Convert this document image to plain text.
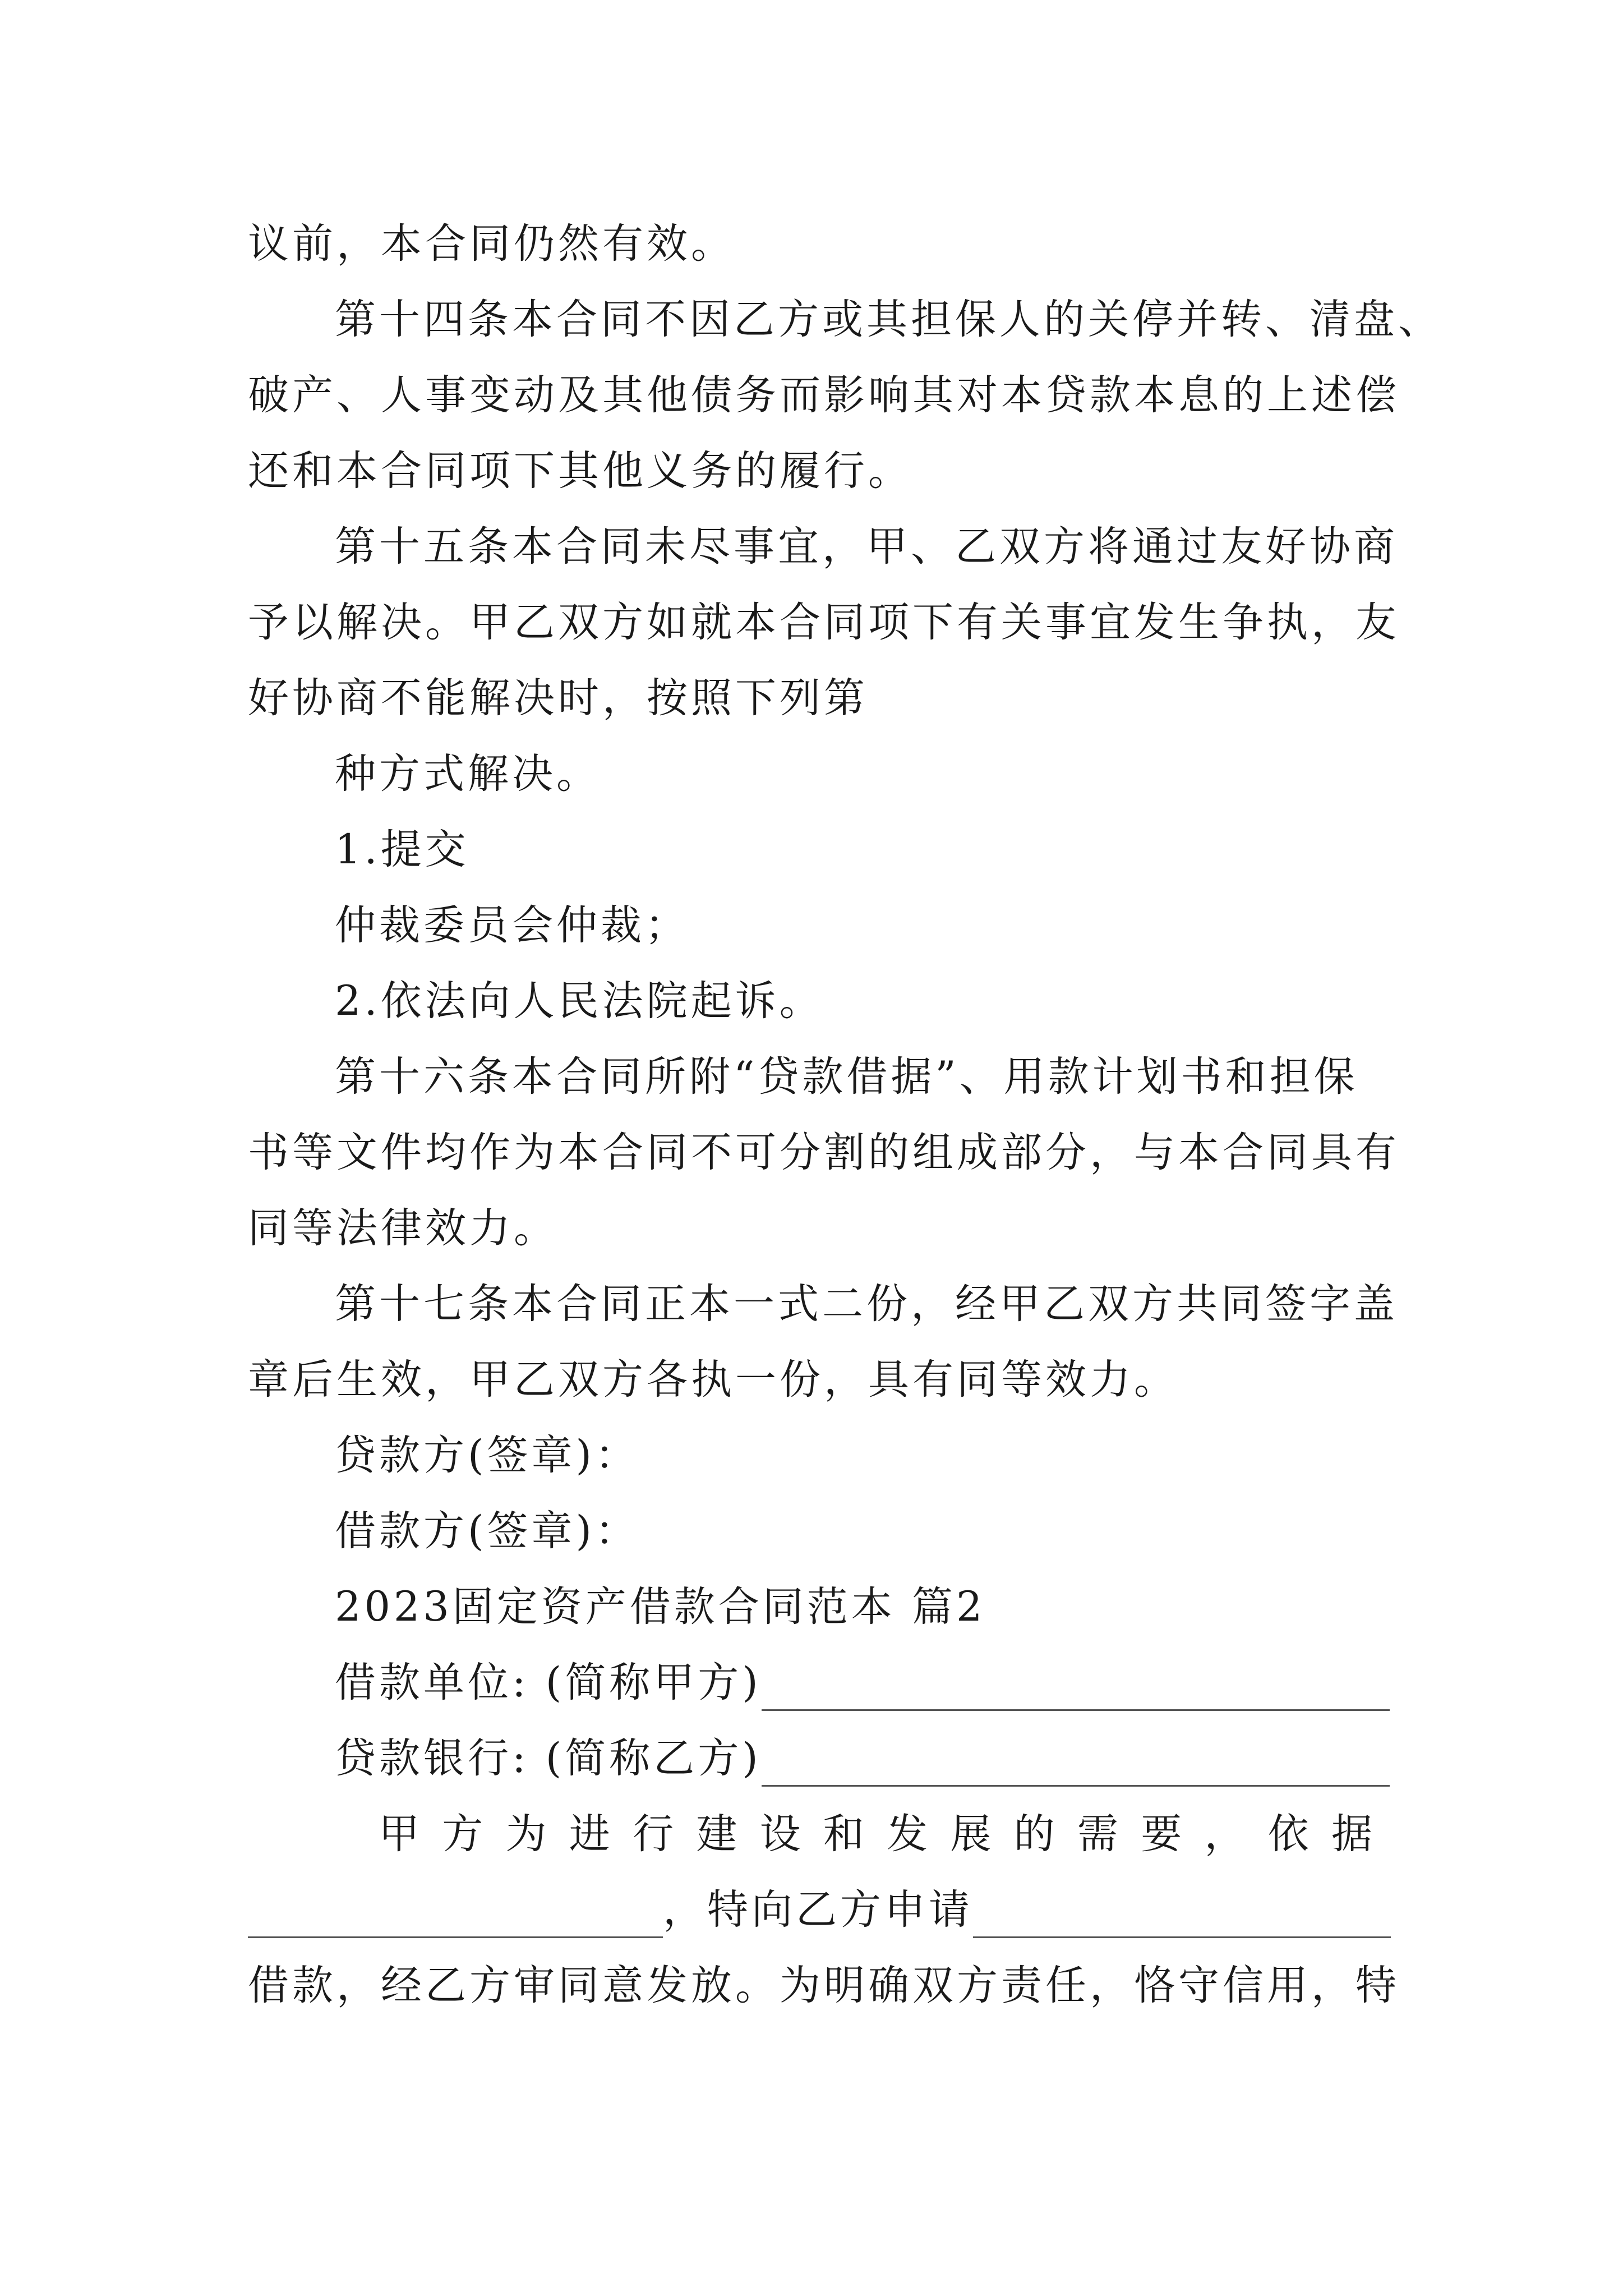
议前，本合同仍然有效。
第十四条本合同不因乙方或其担保人的关停并转、清盘、
破产、人事变动及其他债务而影响其对本贷款本息的上述偿
还和本合同项下其他义务的履行。
第十五条本合同未尽事宜，甲、乙双方将通过友好协商
予以解决。甲乙双方如就本合同项下有关事宜发生争执，友
好协商不能解决时，按照下列第
种方式解决。
1.提交
仲裁委员会仲裁；
2.依法向人民法院起诉。
第十六条本合同所附“贷款借据”、用款计划书和担保
书等文件均作为本合同不可分割的组成部分，与本合同具有
同等法律效力。
第十七条本合同正本一式二份，经甲乙双方共同签字盖
章后生效，甲乙双方各执一份，具有同等效力。
贷款方(签章)：
借款方(签章)：
2023固定资产借款合同范本 篇2
借款单位: (简称甲方)
贷款银行: (简称乙方)
甲 方 为 进 行 建 设 和 发 展 的 需 要 ， 依 据
，特向乙方申请
借款，经乙方审同意发放。为明确双方责任，恪守信用，特
